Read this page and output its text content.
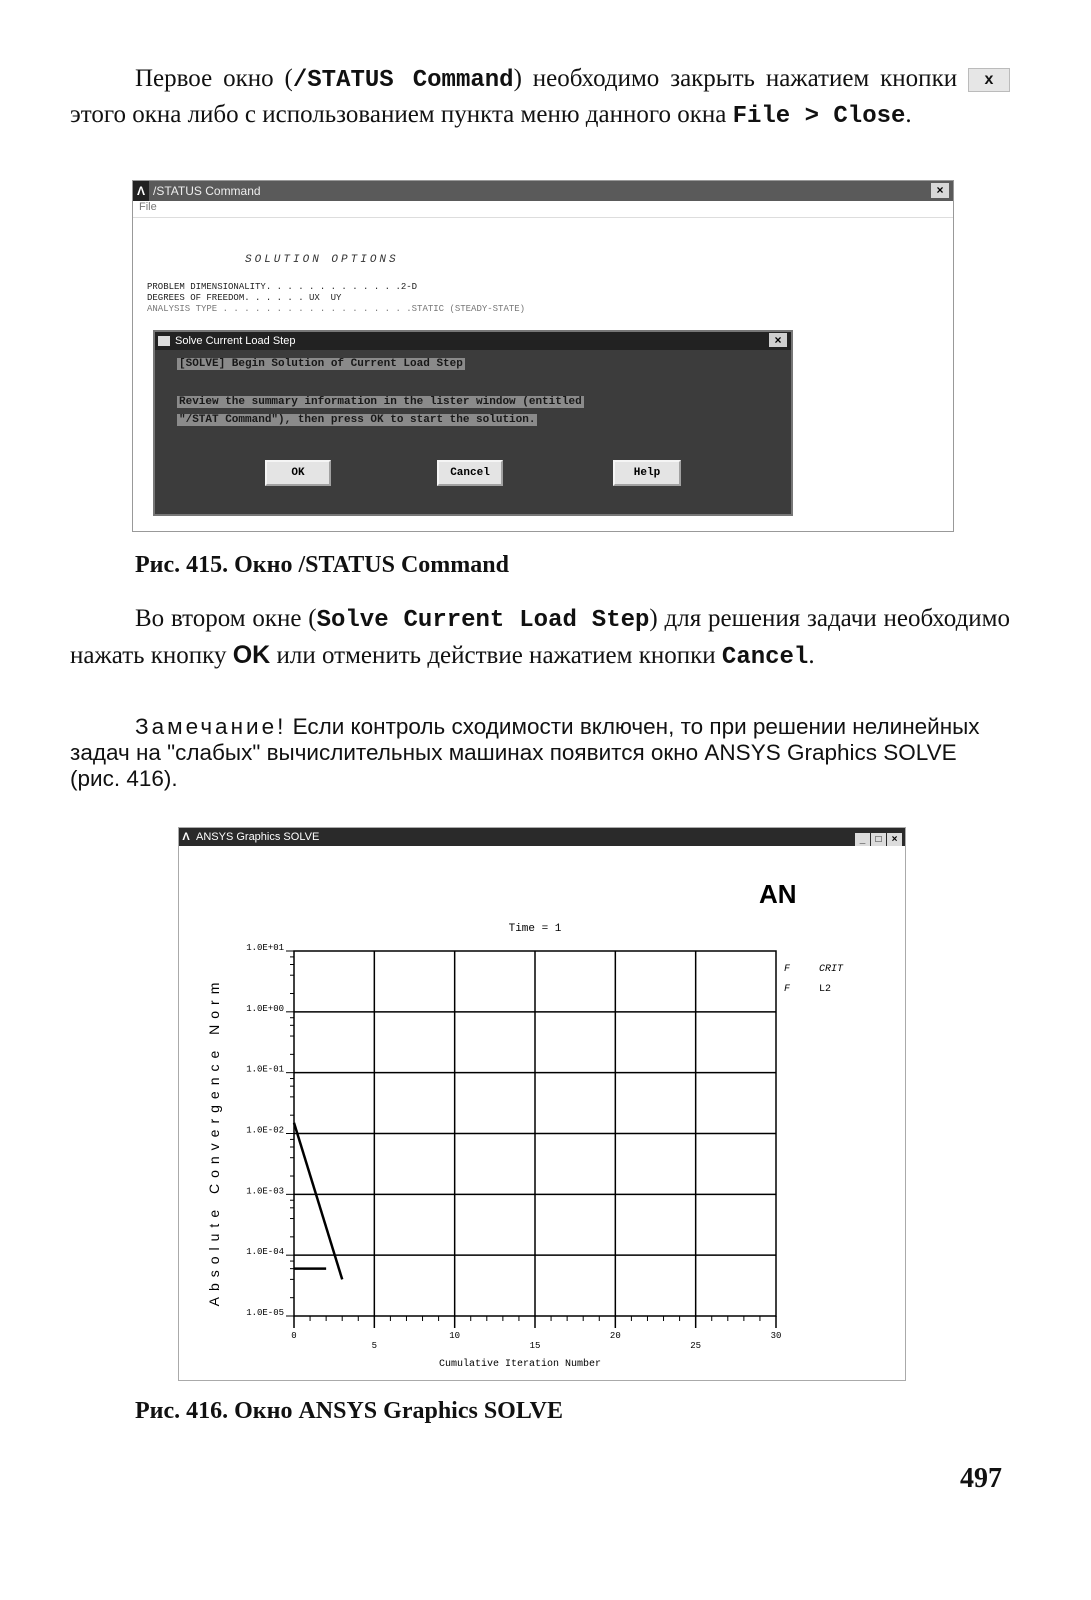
Первое окно (/STATUS Command) необходимо закрыть нажатием кнопки x этого окна либо с использованием пункта меню данного окна File > Close.

Λ /STATUS Command	×
File
SOLUTION OPTIONS
PROBLEM DIMENSIONALITY. . . . . . . . . . . . .2-D
DEGREES OF FREEDOM. . . . . . UX  UY
ANALYSIS TYPE . . . . . . . . . . . . . . . . . .STATIC (STEADY-STATE)
Solve Current Load Step	×
[SOLVE] Begin Solution of Current Load Step
Review the summary information in the lister window (entitled
"/STAT Command"), then press OK to start the solution.
OK	Cancel	Help
Рис. 415. Окно /STATUS Command

Во втором окне (Solve Current Load Step) для решения задачи необходимо нажать кнопку OK или отменить действие нажатием кнопки Cancel.

Замечание! Если контроль сходимости включен, то при решении нелинейных задач на "слабых" вычислительных машинах появится окно ANSYS Graphics SOLVE (рис. 416).

Λ ANSYS Graphics SOLVE	_ □ ×
AN
Time = 1
0
5
10
15
20
25
30
Cumulative Iteration Number
1.0E+01
1.0E+00
1.0E-01
1.0E-02
1.0E-03
1.0E-04
1.0E-05
Absolute Convergence Norm
F	CRIT
F	L2
Рис. 416. Окно ANSYS Graphics SOLVE
497
